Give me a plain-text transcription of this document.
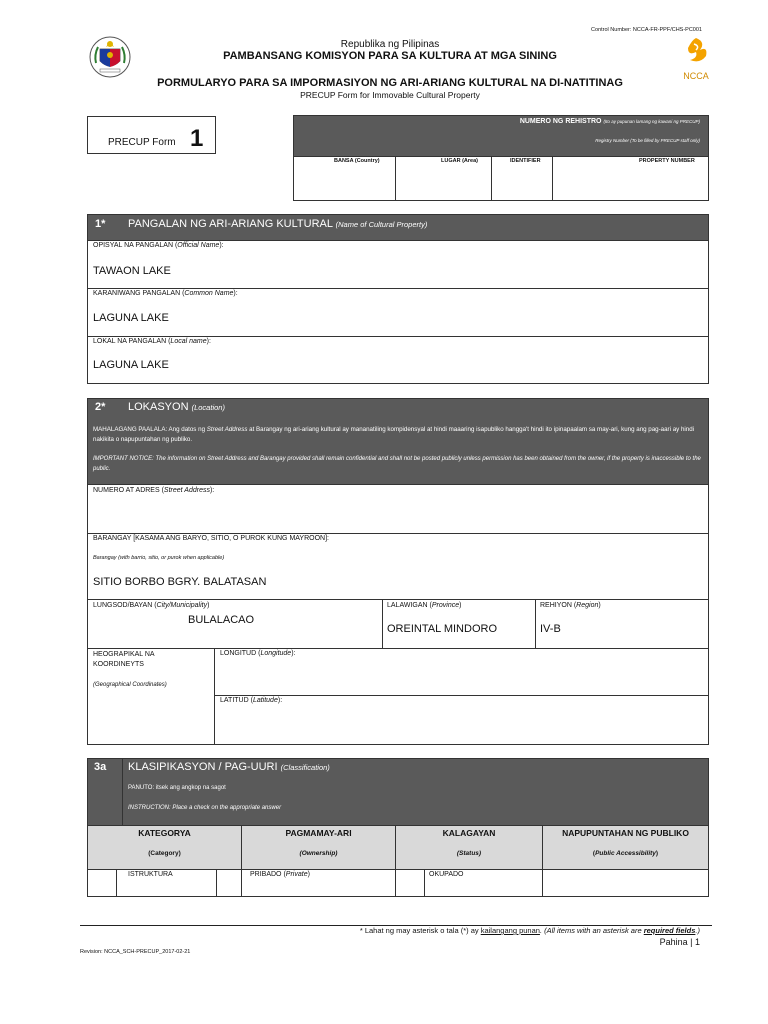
Control Number: NCCA-FR-PPF/CHS-PC001
Republika ng Pilipinas
PAMBANSANG KOMISYON PARA SA KULTURA AT MGA SINING
PORMULARYO PARA SA IMPORMASIYON NG ARI-ARIANG KULTURAL NA DI-NATITINAG
PRECUP Form for Immovable Cultural Property
NCCA
PRECUP Form 1
NUMERO NG REHISTRO (Ito ay pupunan lamang ng kawani ng PRECUP)
Registry Number (To be filled by PRECUP staff only)
BANSA (Country)	LUGAR (Area)	IDENTIFIER	PROPERTY NUMBER
1* PANGALAN NG ARI-ARIANG KULTURAL (Name of Cultural Property)
OPISYAL NA PANGALAN (Official Name):
TAWAON LAKE
KARANIWANG PANGALAN (Common Name):
LAGUNA LAKE
LOKAL NA PANGALAN (Local name):
LAGUNA LAKE
2* LOKASYON (Location)
MAHALAGANG PAALALA: Ang datos ng Street Address at Barangay ng ari-ariang kultural ay mananatiling kompidensyal at hindi maaaring isapubliko hangga't hindi ito ipinapaalam sa may-ari, kung ang pag-aari ay hindi nakikita o napupuntahan ng publiko.
IMPORTANT NOTICE: The information on Street Address and Barangay provided shall remain confidential and shall not be posted publicly unless permission has been obtained from the owner, if the property is inaccessible to the public.
NUMERO AT ADRES (Street Address):
BARANGAY [KASAMA ANG BARYO, SITIO, O PUROK KUNG MAYROON]:
Barangay (with barrio, sitio, or purok when applicable)
SITIO BORBO BGRY. BALATASAN
LUNGSOD/BAYAN (City/Municipality)
BULALACAO
LALAWIGAN (Province)
OREINTAL MINDORO
REHIYON (Region)
IV-B
HEOGRAPIKAL NA KOORDINEYTS
(Geographical Coordinates)
LONGITUD (Longitude):
LATITUD (Latitude):
3a KLASIPIKASYON / PAG-UURI (Classification)
PANUTO: itsek ang angkop na sagot
INSTRUCTION: Place a check on the appropriate answer
KATEGORYA
(Category)
PAGMAMAY-ARI
(Ownership)
KALAGAYAN
(Status)
NAPUPUNTAHAN NG PUBLIKO
(Public Accessibility)
ISTRUKTURA	PRIBADO (Private)	OKUPADO
* Lahat ng may asterisk o tala (*) ay kailangang punan. (All items with an asterisk are required fields.)
Pahina | 1
Revision: NCCA_SCH-PRECUP_2017-02-21
